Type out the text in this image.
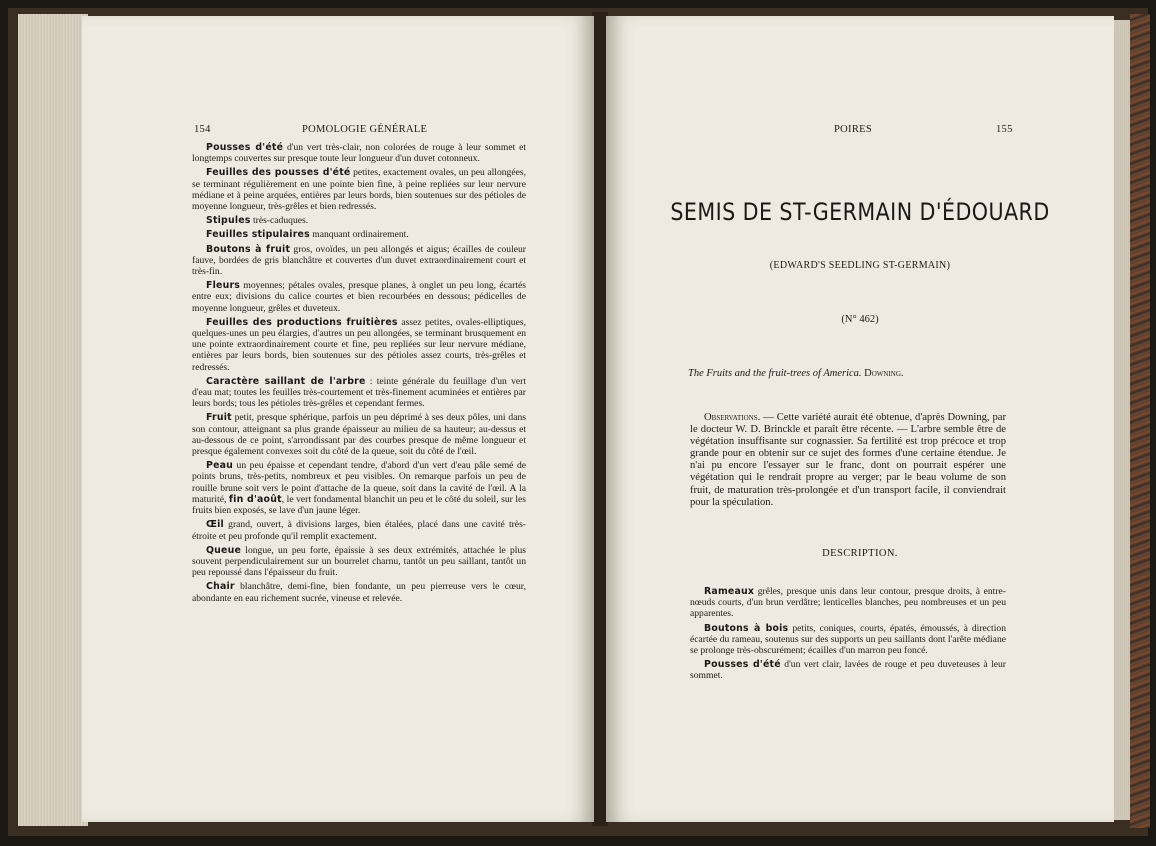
154	POMOLOGIE GÉNÉRALE

Pousses d'été d'un vert très-clair, non colorées de rouge à leur sommet et longtemps couvertes sur presque toute leur longueur d'un duvet cotonneux.

Feuilles des pousses d'été petites, exactement ovales, un peu allongées, se terminant régulièrement en une pointe bien fine, à peine repliées sur leur nervure médiane et à peine arquées, entières par leurs bords, bien soutenues sur des pétioles de moyenne longueur, très-grêles et bien redressés.

Stipules très-caduques.

Feuilles stipulaires manquant ordinairement.

Boutons à fruit gros, ovoïdes, un peu allongés et aigus; écailles de couleur fauve, bordées de gris blanchâtre et couvertes d'un duvet extraordinairement court et très-fin.

Fleurs moyennes; pétales ovales, presque planes, à onglet un peu long, écartés entre eux; divisions du calice courtes et bien recourbées en dessous; pédicelles de moyenne longueur, grêles et duveteux.

Feuilles des productions fruitières assez petites, ovales-elliptiques, quelques-unes un peu élargies, d'autres un peu allongées, se terminant brusquement en une pointe extraordinairement courte et fine, peu repliées sur leur nervure médiane, entières par leurs bords, bien soutenues sur des pétioles assez courts, très-grêles et redressés.

Caractère saillant de l'arbre : teinte générale du feuillage d'un vert d'eau mat; toutes les feuilles très-courtement et très-finement acuminées et entières par leurs bords; tous les pétioles très-grêles et cependant fermes.

Fruit petit, presque sphérique, parfois un peu déprimé à ses deux pôles, uni dans son contour, atteignant sa plus grande épaisseur au milieu de sa hauteur; au-dessus et au-dessous de ce point, s'arrondissant par des courbes presque de même longueur et presque également convexes soit du côté de la queue, soit du côté de l'œil.

Peau un peu épaisse et cependant tendre, d'abord d'un vert d'eau pâle semé de points bruns, très-petits, nombreux et peu visibles. On remarque parfois un peu de rouille brune soit vers le point d'attache de la queue, soit dans la cavité de l'œil. A la maturité, fin d'août, le vert fondamental blanchit un peu et le côté du soleil, sur les fruits bien exposés, se lave d'un jaune léger.

Œil grand, ouvert, à divisions larges, bien étalées, placé dans une cavité très-étroite et peu profonde qu'il remplit exactement.

Queue longue, un peu forte, épaissie à ses deux extrémités, attachée le plus souvent perpendiculairement sur un bourrelet charnu, tantôt un peu saillant, tantôt un peu repoussé dans l'épaisseur du fruit.

Chair blanchâtre, demi-fine, bien fondante, un peu pierreuse vers le cœur, abondante en eau richement sucrée, vineuse et relevée.

POIRES	155
SEMIS DE ST-GERMAIN D'ÉDOUARD
(EDWARD'S SEEDLING ST-GERMAIN)
(N° 462)
The Fruits and the fruit-trees of America. Downing.

Observations. — Cette variété aurait été obtenue, d'après Downing, par le docteur W. D. Brinckle et paraît être récente. — L'arbre semble être de végétation insuffisante sur cognassier. Sa fertilité est trop précoce et trop grande pour en obtenir sur ce sujet des formes d'une certaine étendue. Je n'ai pu encore l'essayer sur le franc, dont on pourrait espérer une végétation qui le rendrait propre au verger; par le beau volume de son fruit, de maturation très-prolongée et d'un transport facile, il conviendrait pour la spéculation.

DESCRIPTION.

Rameaux grêles, presque unis dans leur contour, presque droits, à entre-nœuds courts, d'un brun verdâtre; lenticelles blanches, peu nombreuses et un peu apparentes.

Boutons à bois petits, coniques, courts, épatés, émoussés, à direction écartée du rameau, soutenus sur des supports un peu saillants dont l'arête médiane se prolonge très-obscurément; écailles d'un marron peu foncé.

Pousses d'été d'un vert clair, lavées de rouge et peu duveteuses à leur sommet.
